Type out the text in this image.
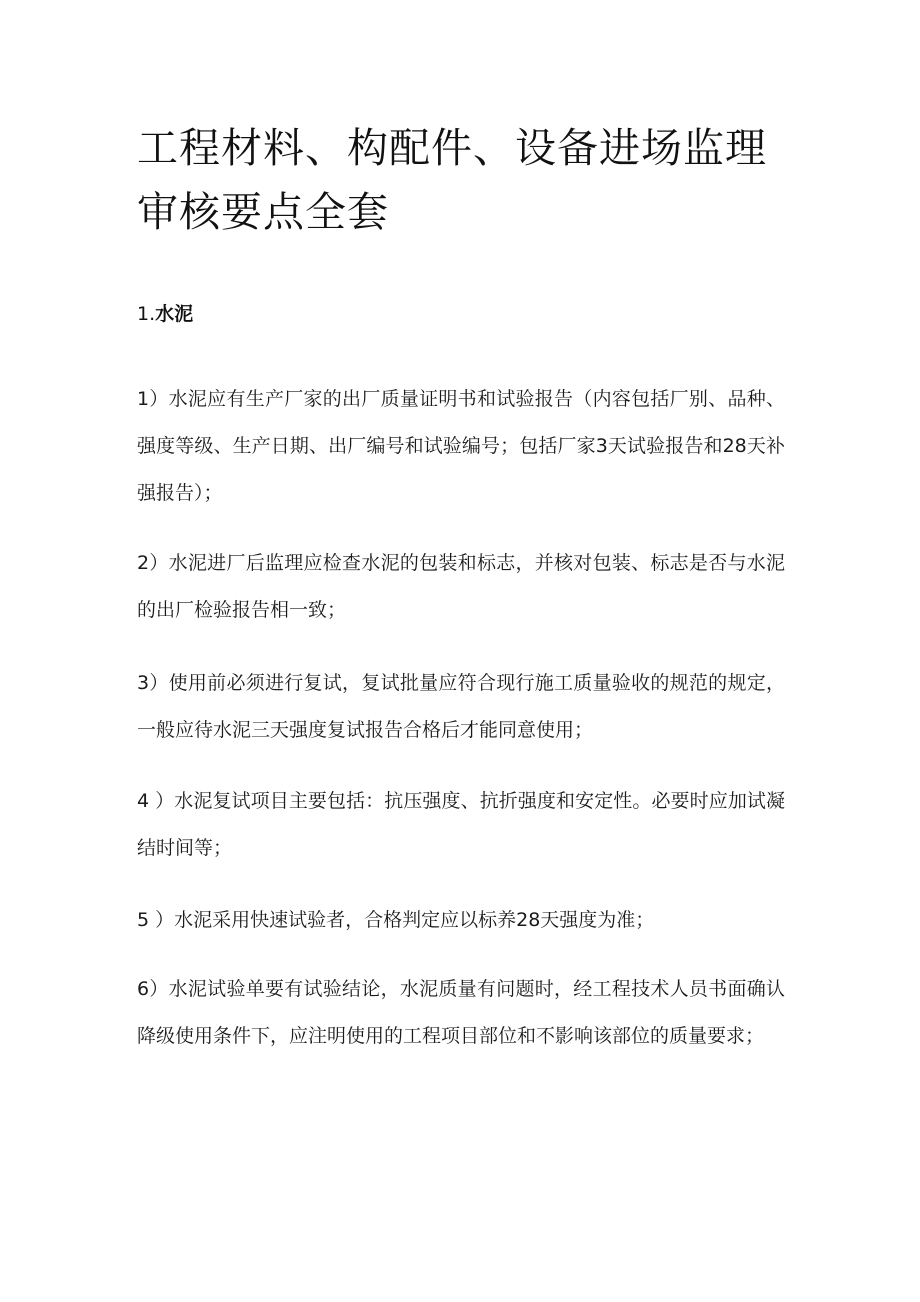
工程材料、构配件、设备进场监理审核要点全套
1.水泥

1）水泥应有生产厂家的出厂质量证明书和试验报告（内容包括厂别、品种、强度等级、生产日期、出厂编号和试验编号；包括厂家3天试验报告和28天补强报告）；

2）水泥进厂后监理应检查水泥的包装和标志，并核对包装、标志是否与水泥的出厂检验报告相一致；

3）使用前必须进行复试，复试批量应符合现行施工质量验收的规范的规定，一般应待水泥三天强度复试报告合格后才能同意使用；

4 ）水泥复试项目主要包括：抗压强度、抗折强度和安定性。必要时应加试凝结时间等；

5 ）水泥采用快速试验者，合格判定应以标养28天强度为准；

6）水泥试验单要有试验结论，水泥质量有问题时，经工程技术人员书面确认降级使用条件下，应注明使用的工程项目部位和不影响该部位的质量要求；
